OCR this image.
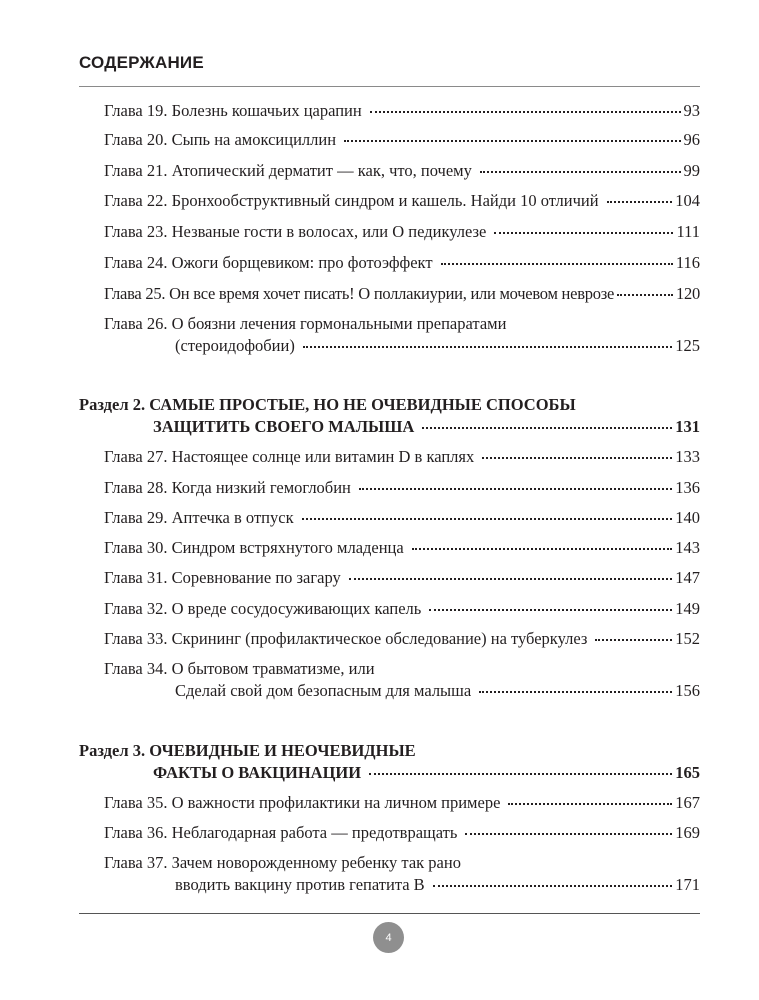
СОДЕРЖАНИЕ
Глава 19. Болезнь кошачьих царапин	93
Глава 20. Сыпь на амоксициллин	96
Глава 21. Атопический дерматит — как, что, почему	99
Глава 22. Бронхообструктивный синдром и кашель. Найди 10 отличий	104
Глава 23. Незваные гости в волосах, или О педикулезе	111
Глава 24. Ожоги борщевиком: про фотоэффект	116
Глава 25. Он все время хочет писать! О поллакиурии, или мочевом неврозе	120
Глава 26. О боязни лечения гормональными препаратами
(стероидофобии)	125
Раздел 2. САМЫЕ ПРОСТЫЕ, НО НЕ ОЧЕВИДНЫЕ СПОСОБЫ
ЗАЩИТИТЬ СВОЕГО МАЛЫША	131
Глава 27. Настоящее солнце или витамин D в каплях	133
Глава 28. Когда низкий гемоглобин	136
Глава 29. Аптечка в отпуск	140
Глава 30. Синдром встряхнутого младенца	143
Глава 31. Соревнование по загару	147
Глава 32. О вреде сосудосуживающих капель	149
Глава 33. Скрининг (профилактическое обследование) на туберкулез	152
Глава 34. О бытовом травматизме, или
Сделай свой дом безопасным для малыша	156
Раздел 3. ОЧЕВИДНЫЕ И НЕОЧЕВИДНЫЕ
ФАКТЫ О ВАКЦИНАЦИИ	165
Глава 35. О важности профилактики на личном примере	167
Глава 36. Неблагодарная работа — предотвращать	169
Глава 37. Зачем новорожденному ребенку так рано
вводить вакцину против гепатита В	171
4
